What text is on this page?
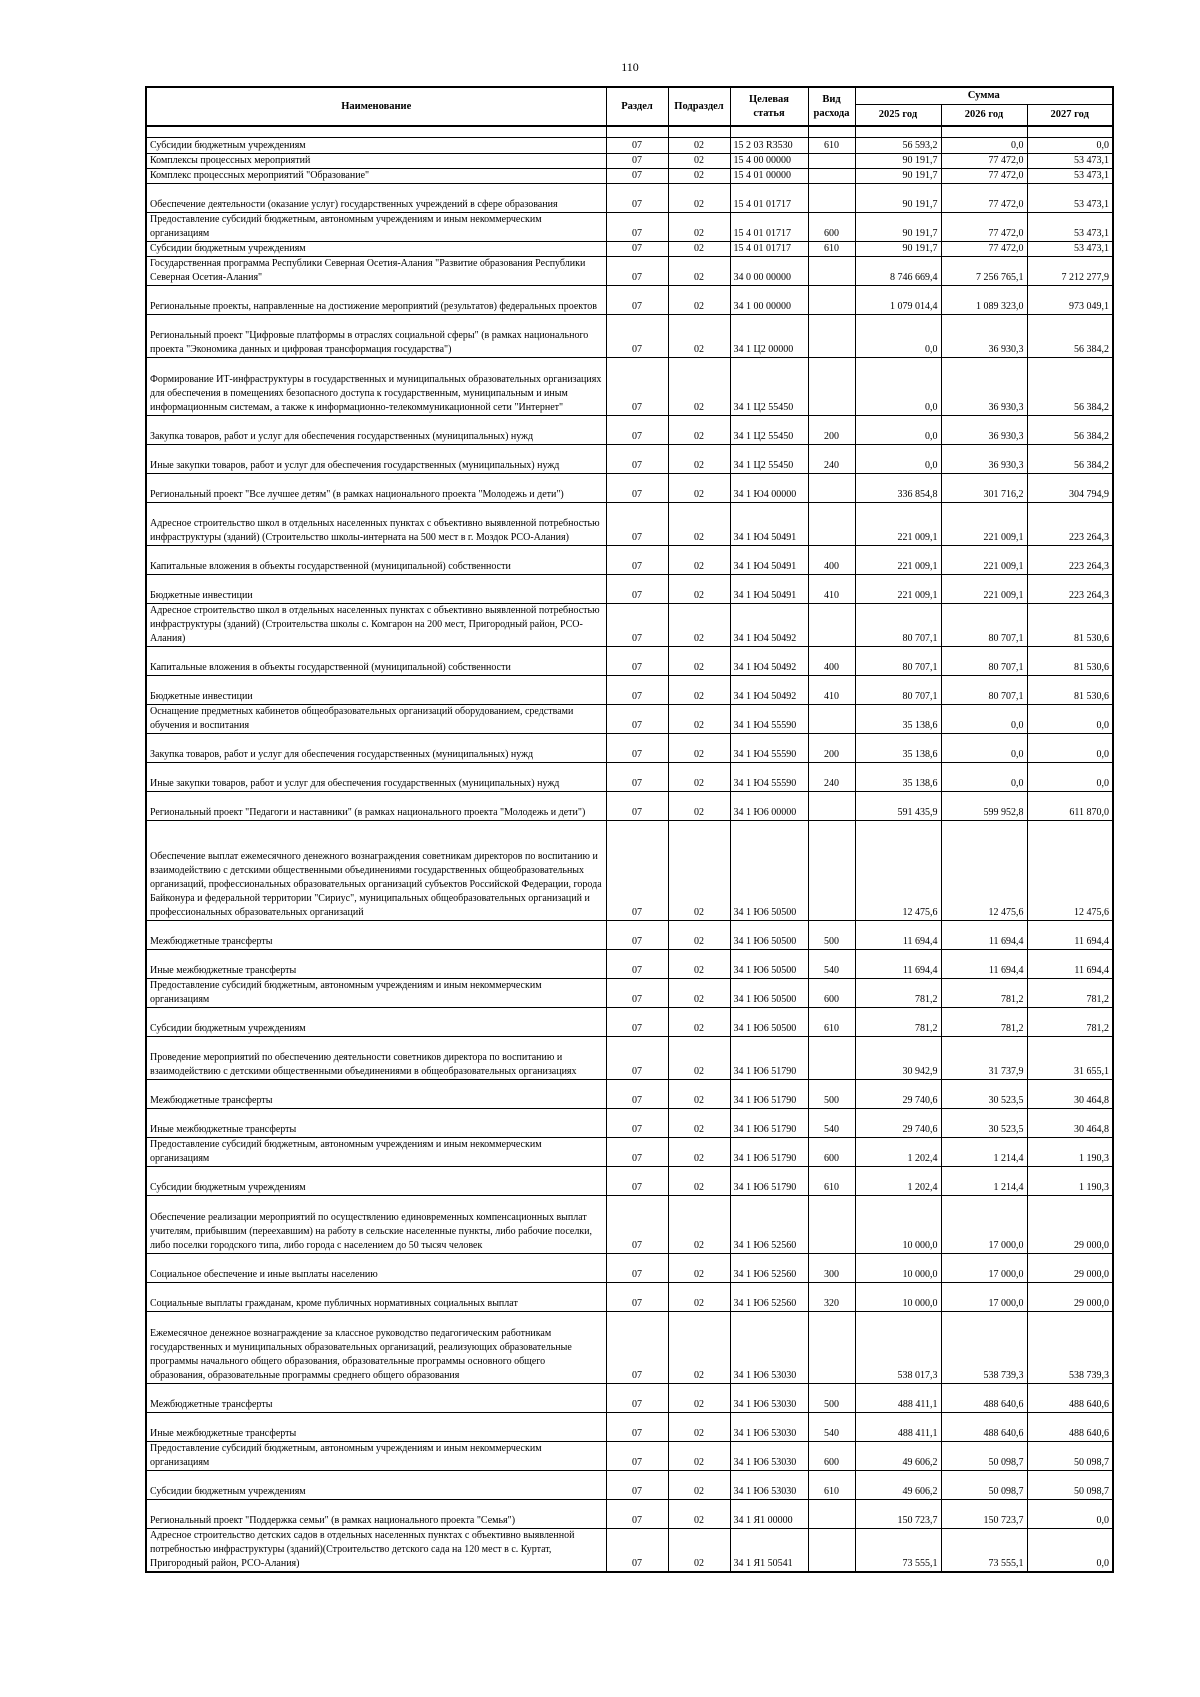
110
Наименование	Раздел	Подраздел	Целевая статья	Вид расхода	Сумма		
					2025 год	2026 год	2027 год

Субсидии бюджетным учреждениям	07	02	15 2 03 R3530	610	56 593,2	0,0	0,0
Комплексы процессных мероприятий	07	02	15 4 00 00000		90 191,7	77 472,0	53 473,1
Комплекс процессных мероприятий "Образование"	07	02	15 4 01 00000		90 191,7	77 472,0	53 473,1
Обеспечение деятельности (оказание услуг) государственных учреждений в сфере образования	07	02	15 4 01 01717		90 191,7	77 472,0	53 473,1
Предоставление субсидий бюджетным, автономным учреждениям и иным некоммерческим организациям	07	02	15 4 01 01717	600	90 191,7	77 472,0	53 473,1
Субсидии бюджетным учреждениям	07	02	15 4 01 01717	610	90 191,7	77 472,0	53 473,1
Государственная программа Республики Северная Осетия-Алания "Развитие образования Республики Северная Осетия-Алания"	07	02	34 0 00 00000		8 746 669,4	7 256 765,1	7 212 277,9
Региональные проекты, направленные на достижение мероприятий (результатов) федеральных проектов	07	02	34 1 00 00000		1 079 014,4	1 089 323,0	973 049,1
Региональный проект "Цифровые платформы в отраслях социальной сферы" (в рамках национального проекта "Экономика данных и цифровая трансформация государства")	07	02	34 1 Ц2 00000		0,0	36 930,3	56 384,2
Формирование ИТ-инфраструктуры в государственных и муниципальных образовательных организациях для обеспечения в помещениях безопасного доступа к государственным, муниципальным и иным информационным системам, а также к информационно-телекоммуникационной сети "Интернет"	07	02	34 1 Ц2 55450		0,0	36 930,3	56 384,2
Закупка товаров, работ и услуг для обеспечения государственных (муниципальных) нужд	07	02	34 1 Ц2 55450	200	0,0	36 930,3	56 384,2
Иные закупки товаров, работ и услуг для обеспечения государственных (муниципальных) нужд	07	02	34 1 Ц2 55450	240	0,0	36 930,3	56 384,2
Региональный проект "Все лучшее детям" (в рамках национального проекта "Молодежь и дети")	07	02	34 1 Ю4 00000		336 854,8	301 716,2	304 794,9
Адресное строительство школ в отдельных населенных пунктах с объективно выявленной потребностью инфраструктуры (зданий) (Строительство школы-интерната на 500 мест в г. Моздок РСО-Алания)	07	02	34 1 Ю4 50491		221 009,1	221 009,1	223 264,3
Капитальные вложения в объекты государственной (муниципальной) собственности	07	02	34 1 Ю4 50491	400	221 009,1	221 009,1	223 264,3
Бюджетные инвестиции	07	02	34 1 Ю4 50491	410	221 009,1	221 009,1	223 264,3
Адресное строительство школ в отдельных населенных пунктах с объективно выявленной потребностью инфраструктуры (зданий) (Строительства школы с. Комгарон на 200 мест, Пригородный район, РСО-Алания)	07	02	34 1 Ю4 50492		80 707,1	80 707,1	81 530,6
Капитальные вложения в объекты государственной (муниципальной) собственности	07	02	34 1 Ю4 50492	400	80 707,1	80 707,1	81 530,6
Бюджетные инвестиции	07	02	34 1 Ю4 50492	410	80 707,1	80 707,1	81 530,6
Оснащение предметных кабинетов общеобразовательных организаций оборудованием, средствами обучения и воспитания	07	02	34 1 Ю4 55590		35 138,6	0,0	0,0
Закупка товаров, работ и услуг для обеспечения государственных (муниципальных) нужд	07	02	34 1 Ю4 55590	200	35 138,6	0,0	0,0
Иные закупки товаров, работ и услуг для обеспечения государственных (муниципальных) нужд	07	02	34 1 Ю4 55590	240	35 138,6	0,0	0,0
Региональный проект "Педагоги и наставники" (в рамках национального проекта "Молодежь и дети")	07	02	34 1 Ю6 00000		591 435,9	599 952,8	611 870,0
Обеспечение выплат ежемесячного денежного вознаграждения советникам директоров по воспитанию и взаимодействию с детскими общественными объединениями государственных общеобразовательных организаций, профессиональных образовательных организаций субъектов Российской Федерации, города Байконура и федеральной территории "Сириус", муниципальных общеобразовательных организаций и профессиональных образовательных организаций	07	02	34 1 Ю6 50500		12 475,6	12 475,6	12 475,6
Межбюджетные трансферты	07	02	34 1 Ю6 50500	500	11 694,4	11 694,4	11 694,4
Иные межбюджетные трансферты	07	02	34 1 Ю6 50500	540	11 694,4	11 694,4	11 694,4
Предоставление субсидий бюджетным, автономным учреждениям и иным некоммерческим организациям	07	02	34 1 Ю6 50500	600	781,2	781,2	781,2
Субсидии бюджетным учреждениям	07	02	34 1 Ю6 50500	610	781,2	781,2	781,2
Проведение мероприятий по обеспечению деятельности советников директора по воспитанию и взаимодействию с детскими общественными объединениями в общеобразовательных организациях	07	02	34 1 Ю6 51790		30 942,9	31 737,9	31 655,1
Межбюджетные трансферты	07	02	34 1 Ю6 51790	500	29 740,6	30 523,5	30 464,8
Иные межбюджетные трансферты	07	02	34 1 Ю6 51790	540	29 740,6	30 523,5	30 464,8
Предоставление субсидий бюджетным, автономным учреждениям и иным некоммерческим организациям	07	02	34 1 Ю6 51790	600	1 202,4	1 214,4	1 190,3
Субсидии бюджетным учреждениям	07	02	34 1 Ю6 51790	610	1 202,4	1 214,4	1 190,3
Обеспечение реализации мероприятий по осуществлению единовременных компенсационных выплат учителям, прибывшим (переехавшим) на работу в сельские населенные пункты, либо рабочие поселки, либо поселки городского типа, либо города с населением до 50 тысяч человек	07	02	34 1 Ю6 52560		10 000,0	17 000,0	29 000,0
Социальное обеспечение и иные выплаты населению	07	02	34 1 Ю6 52560	300	10 000,0	17 000,0	29 000,0
Социальные выплаты гражданам, кроме публичных нормативных социальных выплат	07	02	34 1 Ю6 52560	320	10 000,0	17 000,0	29 000,0
Ежемесячное денежное вознаграждение за классное руководство педагогическим работникам государственных и муниципальных образовательных организаций, реализующих образовательные программы начального общего образования, образовательные программы основного общего образования, образовательные программы среднего общего образования	07	02	34 1 Ю6 53030		538 017,3	538 739,3	538 739,3
Межбюджетные трансферты	07	02	34 1 Ю6 53030	500	488 411,1	488 640,6	488 640,6
Иные межбюджетные трансферты	07	02	34 1 Ю6 53030	540	488 411,1	488 640,6	488 640,6
Предоставление субсидий бюджетным, автономным учреждениям и иным некоммерческим организациям	07	02	34 1 Ю6 53030	600	49 606,2	50 098,7	50 098,7
Субсидии бюджетным учреждениям	07	02	34 1 Ю6 53030	610	49 606,2	50 098,7	50 098,7
Региональный проект "Поддержка семьи" (в рамках национального проекта "Семья")	07	02	34 1 Я1 00000		150 723,7	150 723,7	0,0
Адресное строительство детских садов в отдельных населенных пунктах с объективно выявленной потребностью инфраструктуры (зданий)(Строительство детского сада на 120 мест в с. Куртат, Пригородный район, РСО-Алания)	07	02	34 1 Я1 50541		73 555,1	73 555,1	0,0
